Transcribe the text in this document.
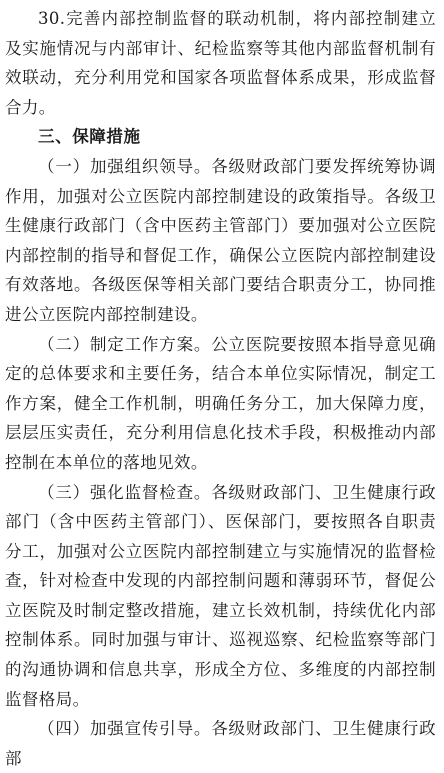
30.完善内部控制监督的联动机制，将内部控制建立及实施情况与内部审计、纪检监察等其他内部监督机制有效联动，充分利用党和国家各项监督体系成果，形成监督合力。

三、保障措施

（一）加强组织领导。各级财政部门要发挥统筹协调作用，加强对公立医院内部控制建设的政策指导。各级卫生健康行政部门（含中医药主管部门）要加强对公立医院内部控制的指导和督促工作，确保公立医院内部控制建设有效落地。各级医保等相关部门要结合职责分工，协同推进公立医院内部控制建设。

（二）制定工作方案。公立医院要按照本指导意见确定的总体要求和主要任务，结合本单位实际情况，制定工作方案，健全工作机制，明确任务分工，加大保障力度，层层压实责任，充分利用信息化技术手段，积极推动内部控制在本单位的落地见效。

（三）强化监督检查。各级财政部门、卫生健康行政部门（含中医药主管部门）、医保部门，要按照各自职责分工，加强对公立医院内部控制建立与实施情况的监督检查，针对检查中发现的内部控制问题和薄弱环节，督促公立医院及时制定整改措施，建立长效机制，持续优化内部控制体系。同时加强与审计、巡视巡察、纪检监察等部门的沟通协调和信息共享，形成全方位、多维度的内部控制监督格局。

（四）加强宣传引导。各级财政部门、卫生健康行政部
